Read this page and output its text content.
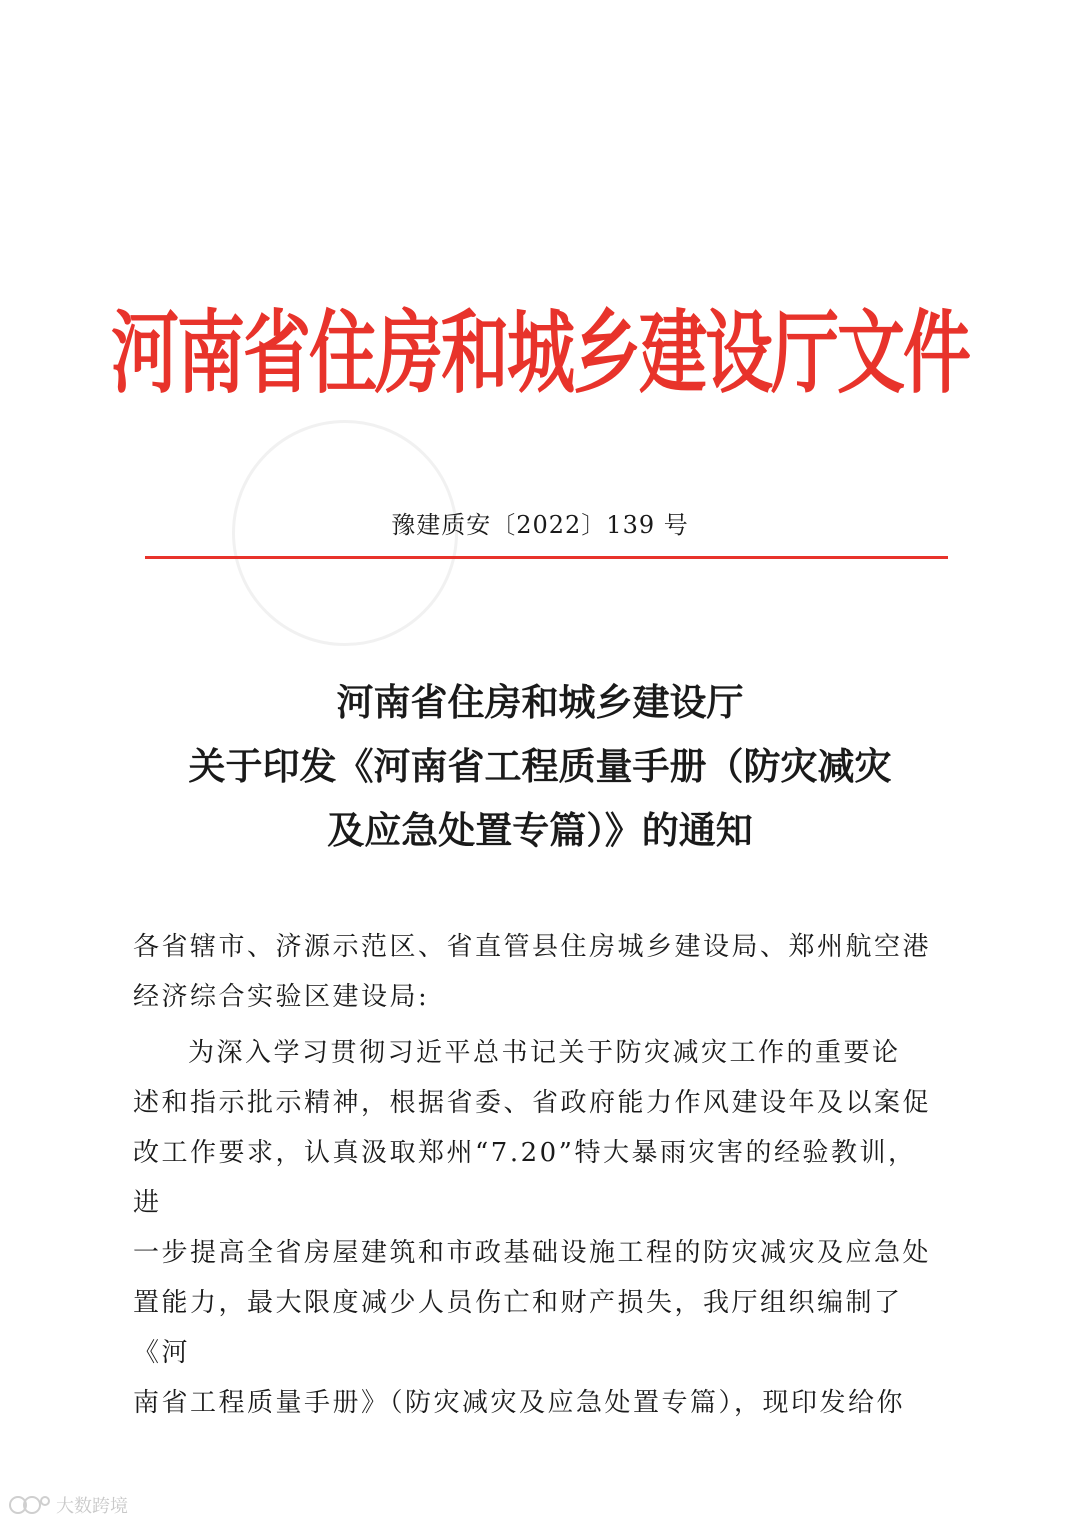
河南省住房和城乡建设厅文件
豫建质安〔2022〕139 号
河南省住房和城乡建设厅
关于印发《河南省工程质量手册（防灾减灾
及应急处置专篇）》的通知

各省辖市、济源示范区、省直管县住房城乡建设局、郑州航空港
经济综合实验区建设局:

为深入学习贯彻习近平总书记关于防灾减灾工作的重要论
述和指示批示精神，根据省委、省政府能力作风建设年及以案促
改工作要求，认真汲取郑州“7.20”特大暴雨灾害的经验教训，进
一步提高全省房屋建筑和市政基础设施工程的防灾减灾及应急处
置能力，最大限度减少人员伤亡和财产损失，我厅组织编制了《河
南省工程质量手册》（防灾减灾及应急处置专篇），现印发给你

大数跨境
